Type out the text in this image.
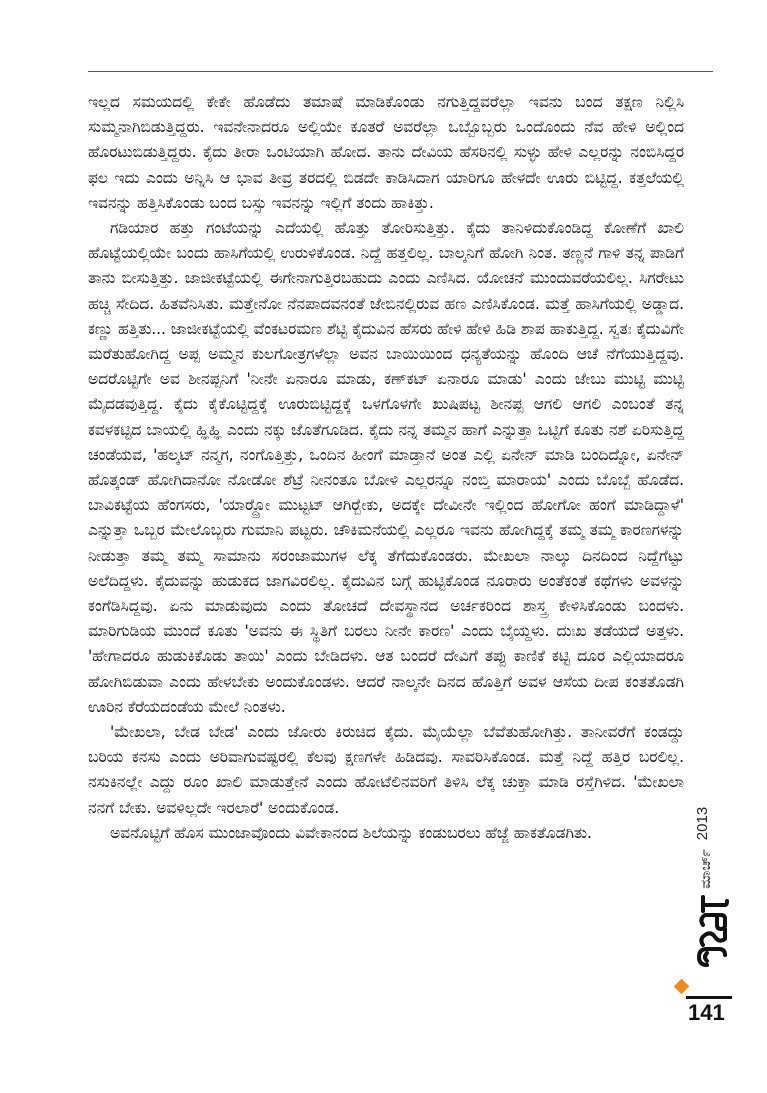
ಇಲ್ಲದ ಸಮಯದಲ್ಲಿ ಕೇಕೇ ಹೊಡೆದು ತಮಾಷೆ ಮಾಡಿಕೊಂಡು ನಗುತ್ತಿದ್ದವರೆಲ್ಲಾ ಇವನು ಬಂದ ತಕ್ಷಣ ನಿಲ್ಲಿಸಿ ಸುಮ್ಮನಾಗಿಬಿಡುತ್ತಿದ್ದರು. ಇವನೇನಾದರೂ ಅಲ್ಲಿಯೇ ಕೂತರೆ ಅವರೆಲ್ಲಾ ಒಬ್ಬೊಬ್ಬರು ಒಂದೊಂದು ನೆವ ಹೇಳಿ ಅಲ್ಲಿಂದ ಹೊರಟುಬಿಡುತ್ತಿದ್ದರು. ಕೈದು ತೀರಾ ಒಂಟಿಯಾಗಿ ಹೋದ. ತಾನು ದೇವಿಯ ಹೆಸರಿನಲ್ಲಿ ಸುಳ್ಳು ಹೇಳಿ ಎಲ್ಲರನ್ನು ನಂಬಿಸಿದ್ದರ ಫಲ ಇದು ಎಂದು ಅನ್ನಿಸಿ ಆ ಭಾವ ತೀವ್ರ ತರದಲ್ಲಿ ಬಿಡದೇ ಕಾಡಿಸಿದಾಗ ಯಾರಿಗೂ ಹೇಳದೇ ಊರು ಬಿಟ್ಟಿದ್ದ. ಕತ್ತಲೆಯಲ್ಲಿ ಇವನನ್ನು ಹತ್ತಿಸಿಕೊಂಡು ಬಂದ ಬಸ್ಸು ಇವನನ್ನು ಇಲ್ಲಿಗೆ ತಂದು ಹಾಕಿತ್ತು.

ಗಡಿಯಾರ ಹತ್ತು ಗಂಟೆಯನ್ನು ಎದೆಯಲ್ಲಿ ಹೊತ್ತು ತೋರಿಸುತ್ತಿತ್ತು. ಕೈದು ತಾನಿಳಿದುಕೊಂಡಿದ್ದ ಕೋಣೆಗೆ ಖಾಲಿ ಹೊಟ್ಟೆಯಲ್ಲಿಯೇ ಬಂದು ಹಾಸಿಗೆಯಲ್ಲಿ ಉರುಳಿಕೊಂಡ. ನಿದ್ದೆ ಹತ್ತಲಿಲ್ಲ. ಬಾಲ್ಕನಿಗೆ ಹೋಗಿ ನಿಂತ. ತಣ್ಣನೆ ಗಾಳಿ ತನ್ನ ಪಾಡಿಗೆ ತಾನು ಬೀಸುತ್ತಿತ್ತು. ಜಾಜೀಕಟ್ಟೆಯಲ್ಲಿ ಈಗೇನಾಗುತ್ತಿರಬಹುದು ಎಂದು ಎಣಿಸಿದ. ಯೋಚನೆ ಮುಂದುವರೆಯಲಿಲ್ಲ. ಸಿಗರೇಟು ಹಚ್ಚಿ ಸೇದಿದ. ಹಿತವೆನಿಸಿತು. ಮತ್ತೇನೋ ನೆನಪಾದವನಂತೆ ಜೇಬಿನಲ್ಲಿರುವ ಹಣ ಎಣಿಸಿಕೊಂಡ. ಮತ್ತೆ ಹಾಸಿಗೆಯಲ್ಲಿ ಅಡ್ಡಾದ. ಕಣ್ಣು ಹತ್ತಿತು... ಜಾಜೀಕಟ್ಟೆಯಲ್ಲಿ ವೆಂಕಟರಮಣ ಶೆಟ್ಟಿ ಕೈದುವಿನ ಹೆಸರು ಹೇಳಿ ಹೇಳಿ ಹಿಡಿ ಶಾಪ ಹಾಕುತ್ತಿದ್ದ. ಸ್ವತಃ ಕೈದುವಿಗೇ ಮರೆತುಹೋಗಿದ್ದ ಅಪ್ಪ ಅಮ್ಮನ ಕುಲಗೋತ್ರಗಳೆಲ್ಲಾ ಅವನ ಬಾಯಿಯಿಂದ ಧನ್ಯತೆಯನ್ನು ಹೊಂದಿ ಆಚೆ ನೆಗೆಯುತ್ತಿದ್ದವು. ಅದರೊಟ್ಟಿಗೇ ಅವ ಶೀನಪ್ಪನಿಗೆ 'ನೀನೇ ಏನಾರೂ ಮಾಡು, ಕಣ್‌ಕಟ್ ಏನಾರೂ ಮಾಡು' ಎಂದು ಜೇಬು ಮುಟ್ಟಿ ಮುಟ್ಟಿ ಮೈದಡವುತ್ತಿದ್ದ. ಕೈದು ಕೈಕೊಟ್ಟಿದ್ದಕ್ಕೆ ಊರುಬಿಟ್ಟಿದ್ದಕ್ಕೆ ಒಳಗೊಳಗೇ ಖುಷಿಪಟ್ಟ ಶೀನಪ್ಪ ಆಗಲಿ ಆಗಲಿ ಎಂಬಂತೆ ತನ್ನ ಕವಳಕಟ್ಟಿದ ಬಾಯಲ್ಲಿ ಹ್ಞಿಹ್ಞಿ ಎಂದು ನಕ್ಕು ಜೊತೆಗೂಡಿದ. ಕೈದು ನನ್ನ ತಮ್ಮನ ಹಾಗೆ ಎನ್ನುತ್ತಾ ಒಟ್ಟಿಗೆ ಕೂತು ನಶೆ ಏರಿಸುತ್ತಿದ್ದ ಚಂಡೆಯವ, 'ಹಲ್ಕಟ್ ನನ್ಮಗ, ನಂಗೊತ್ತಿತ್ತು, ಒಂದಿನ ಹೀಂಗೆ ಮಾಡ್ತಾನೆ ಅಂತ ಎಲ್ಲಿ ಏನೇನ್ ಮಾಡಿ ಬಂದಿದ್ನೋ, ಏನೇನ್ ಹೊತ್ಕಂಡ್ ಹೋಗಿದಾನೋ ನೋಡೋ ಶೆಟ್ರೆ ನೀನಂತೂ ಬೋಳಿ ಎಲ್ಲರನ್ನೂ ನಂಬ್ತಿ ಮಾರಾಯ' ಎಂದು ಬೊಬ್ಬೆ ಹೊಡೆದ. ಬಾವಿಕಟ್ಟೆಯ ಹೆಂಗಸರು, 'ಯಾರ್‍ದ್ರೋ ಮುಟ್ಟಟ್ ಆಗಿರ್‍ಬೇಕು, ಅದಕ್ಕೇ ದೇವೀನೇ ಇಲ್ಲಿಂದ ಹೋಗೋ ಹಂಗೆ ಮಾಡಿದ್ದಾಳೆ' ಎನ್ನುತ್ತಾ ಒಬ್ಬರ ಮೇಲೊಬ್ಬರು ಗುಮಾನಿ ಪಟ್ಟರು. ಚೌಕಿಮನೆಯಲ್ಲಿ ಎಲ್ಲರೂ ಇವನು ಹೋಗಿದ್ದಕ್ಕೆ ತಮ್ಮ ತಮ್ಮ ಕಾರಣಗಳನ್ನು ನೀಡುತ್ತಾ ತಮ್ಮ ತಮ್ಮ ಸಾಮಾನು ಸರಂಜಾಮುಗಳ ಲೆಕ್ಕ ತೆಗೆದುಕೊಂಡರು. ಮೇಖಲಾ ನಾಲ್ಕು ದಿನದಿಂದ ನಿದ್ದೆಗೆಟ್ಟು ಅಲೆದಿದ್ದಳು. ಕೈದುವನ್ನು ಹುಡುಕದ ಜಾಗವಿರಲಿಲ್ಲ. ಕೈದುವಿನ ಬಗ್ಗೆ ಹುಟ್ಟಿಕೊಂಡ ನೂರಾರು ಅಂತೆಕಂತೆ ಕಥೆಗಳು ಅವಳನ್ನು ಕಂಗೆಡಿಸಿದ್ದವು. ಏನು ಮಾಡುವುದು ಎಂದು ತೋಚದೆ ದೇವಸ್ಥಾನದ ಅರ್ಚಕರಿಂದ ಶಾಸ್ತ್ರ ಕೇಳಿಸಿಕೊಂಡು ಬಂದಳು. ಮಾರಿಗುಡಿಯ ಮುಂದೆ ಕೂತು 'ಅವನು ಈ ಸ್ಥಿತಿಗೆ ಬರಲು ನೀನೇ ಕಾರಣ' ಎಂದು ಬೈಯ್ದಳು. ದುಃಖ ತಡೆಯದೆ ಅತ್ತಳು. 'ಹೇಗಾದರೂ ಹುಡುಕಿಕೊಡು ತಾಯಿ' ಎಂದು ಬೇಡಿದಳು. ಆತ ಬಂದರೆ ದೇವಿಗೆ ತಪ್ಪು ಕಾಣಿಕೆ ಕಟ್ಟಿ ದೂರ ಎಲ್ಲಿಯಾದರೂ ಹೋಗಿಬಿಡುವಾ ಎಂದು ಹೇಳಬೇಕು ಅಂದುಕೊಂಡಳು. ಆದರೆ ನಾಲ್ಕನೇ ದಿನದ ಹೊತ್ತಿಗೆ ಅವಳ ಆಸೆಯ ದೀಪ ಕಂತತೊಡಗಿ ಊರಿನ ಕೆರೆಯದಂಡೆಯ ಮೇಲೆ ನಿಂತಳು.

'ಮೇಖಲಾ, ಬೇಡ ಬೇಡ' ಎಂದು ಜೋರು ಕಿರುಚಿದ ಕೈದು. ಮೈಯೆಲ್ಲಾ ಬೆವೆತುಹೋಗಿತ್ತು. ತಾನೀವರೆಗೆ ಕಂಡದ್ದು ಬರಿಯ ಕನಸು ಎಂದು ಅರಿವಾಗುವಷ್ಟರಲ್ಲಿ ಕೆಲವು ಕ್ಷಣಗಳೇ ಹಿಡಿದವು. ಸಾವರಿಸಿಕೊಂಡ. ಮತ್ತೆ ನಿದ್ದೆ ಹತ್ತಿರ ಬರಲಿಲ್ಲ. ನಸುಕಿನಲ್ಲೇ ಎದ್ದು ರೂಂ ಖಾಲಿ ಮಾಡುತ್ತೇನೆ ಎಂದು ಹೋಟೆಲಿನವರಿಗೆ ತಿಳಿಸಿ ಲೆಕ್ಕ ಚುಕ್ತಾ ಮಾಡಿ ರಸ್ತೆಗಿಳಿದ. 'ಮೇಖಲಾ ನನಗೆ ಬೇಕು. ಅವಳಿಲ್ಲದೇ ಇರಲಾರೆ' ಅಂದುಕೊಂಡ.

ಅವನೊಟ್ಟಿಗೆ ಹೊಸ ಮುಂಜಾವೊಂದು ವಿವೇಕಾನಂದ ಶಿಲೆಯನ್ನು ಕಂಡುಬರಲು ಹೆಜ್ಜೆ ಹಾಕತೊಡಗಿತು.	2013
ಮಾರ್ಚ್
141
